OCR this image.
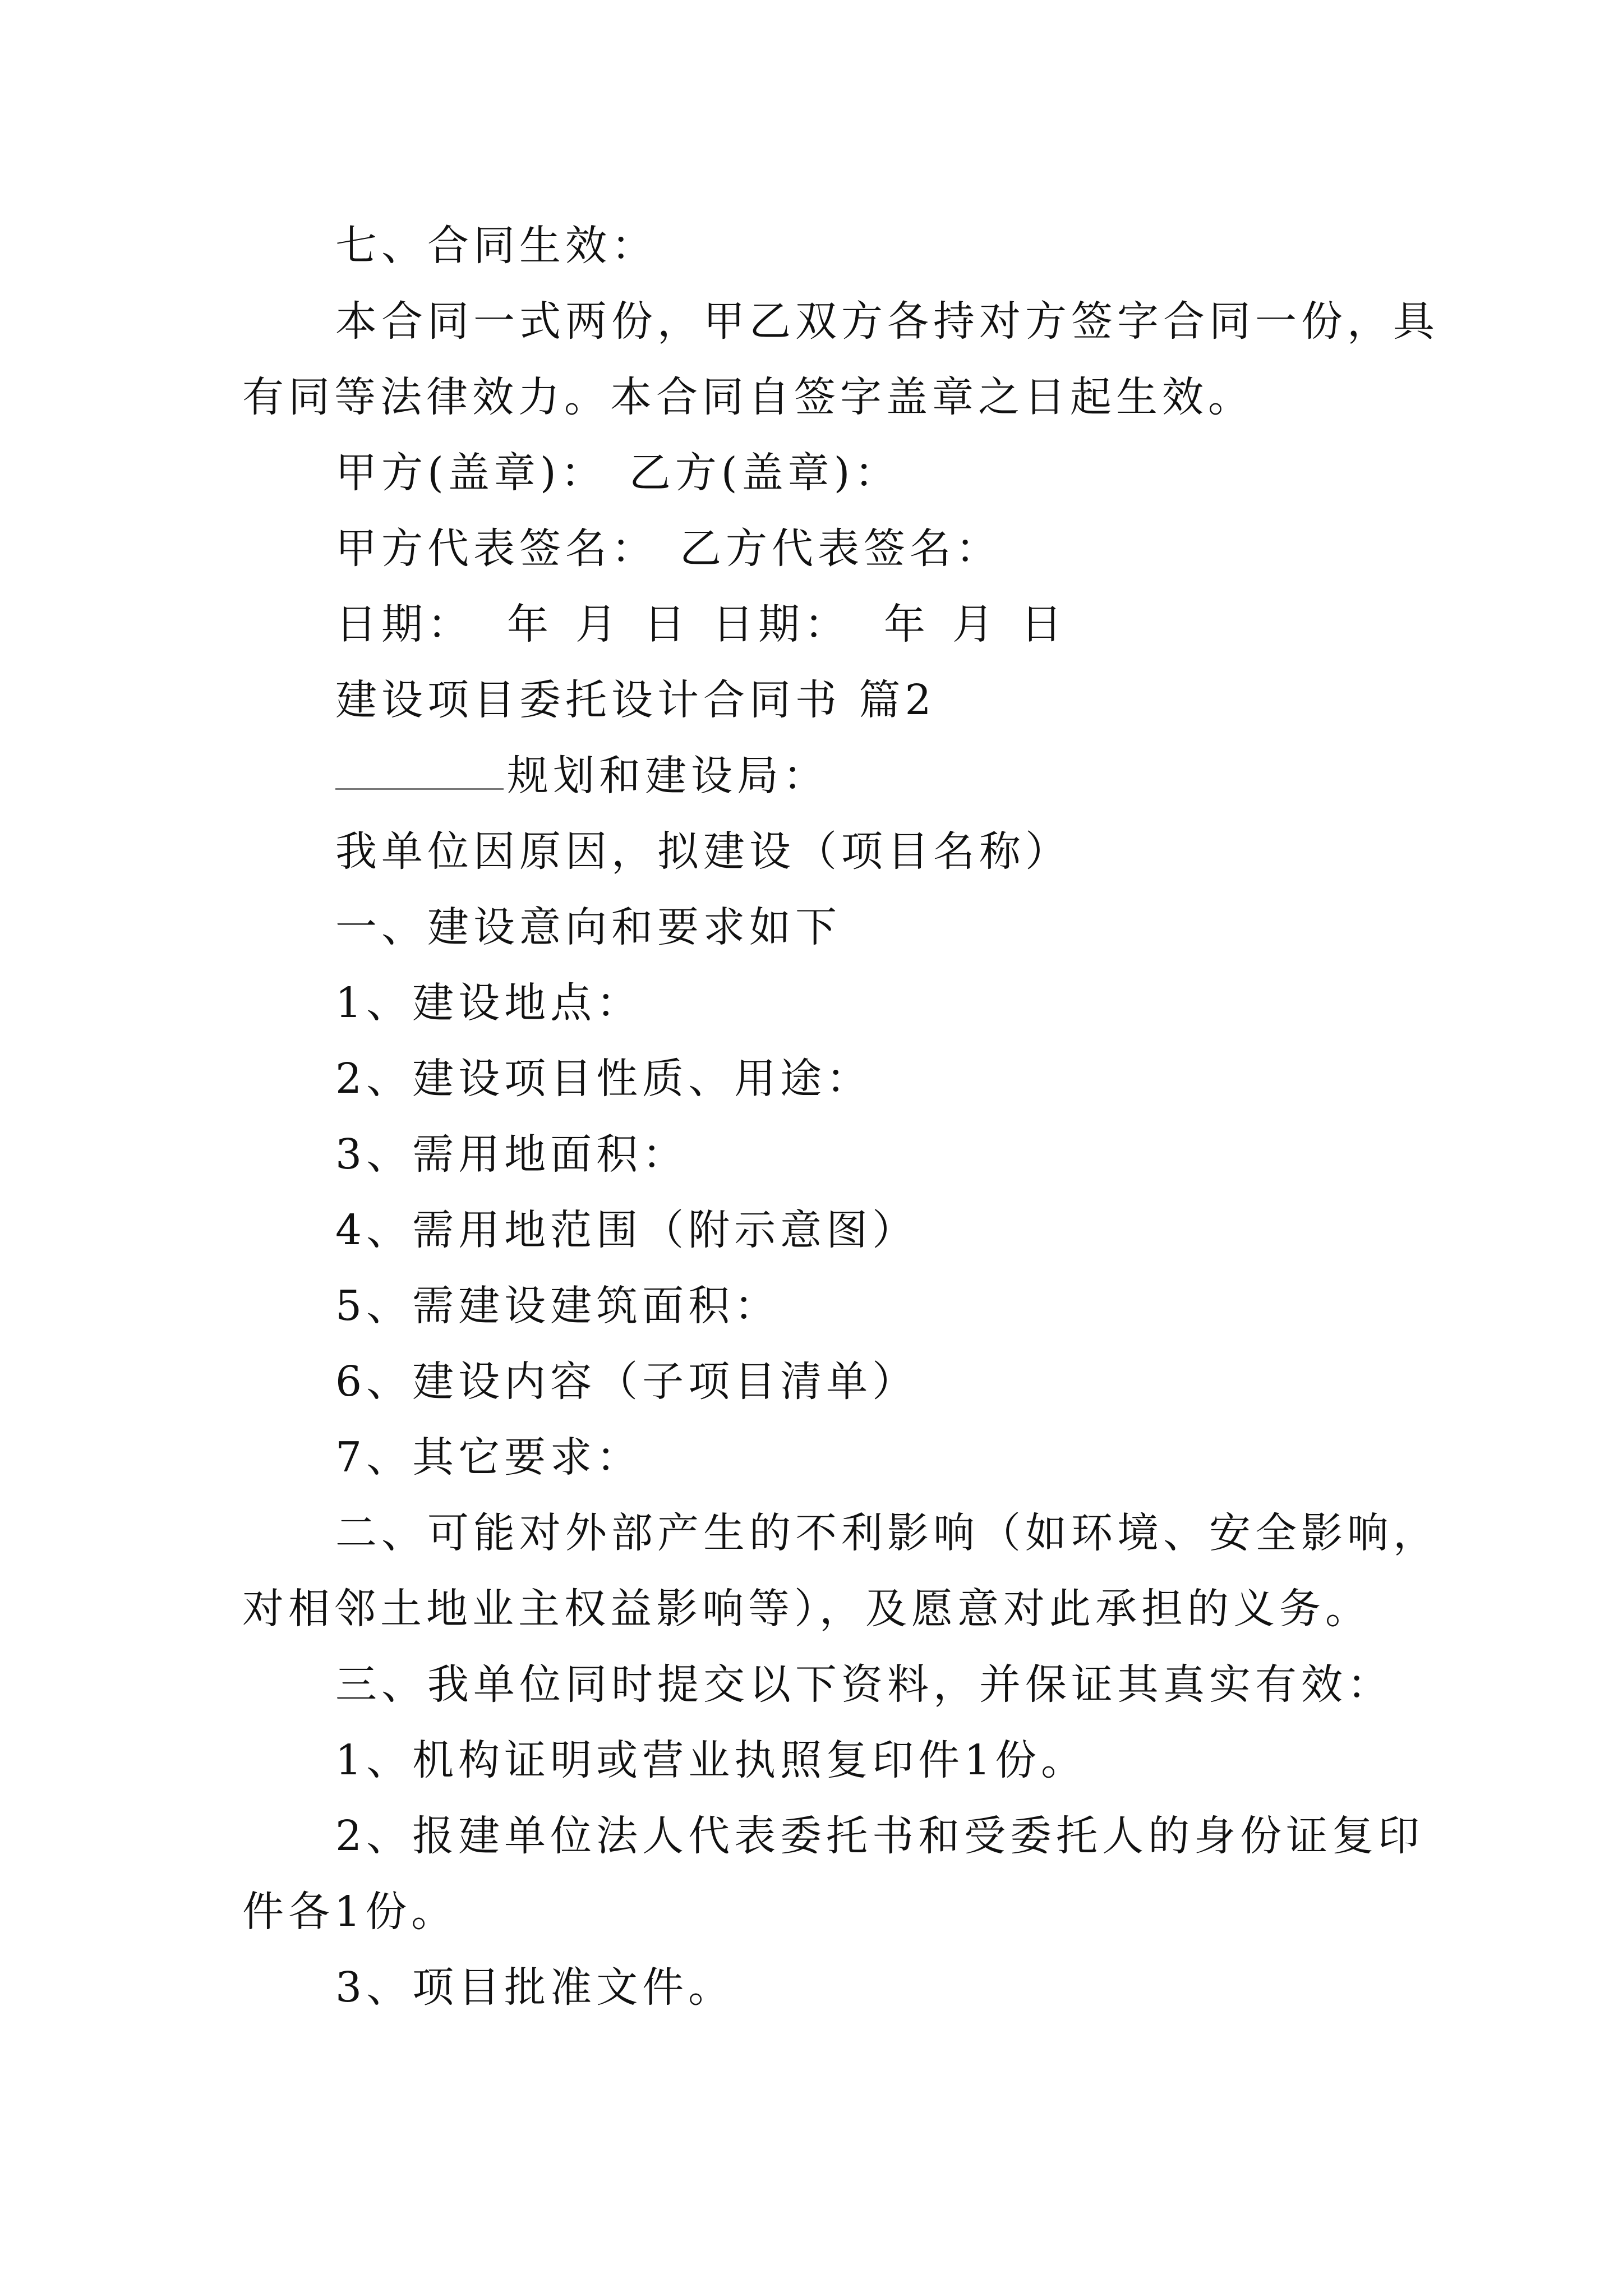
七、合同生效：
本合同一式两份，甲乙双方各持对方签字合同一份，具
有同等法律效力。本合同自签字盖章之日起生效。
甲方(盖章)： 乙方(盖章)：
甲方代表签名： 乙方代表签名：
日期： 年 月 日 日期： 年 月 日
建设项目委托设计合同书 篇2
规划和建设局：
我单位因原因，拟建设（项目名称）
一、建设意向和要求如下
1、建设地点：
2、建设项目性质、用途：
3、需用地面积：
4、需用地范围（附示意图）
5、需建设建筑面积：
6、建设内容（子项目清单）
7、其它要求：
二、可能对外部产生的不利影响（如环境、安全影响，
对相邻土地业主权益影响等），及愿意对此承担的义务。
三、我单位同时提交以下资料，并保证其真实有效：
1、机构证明或营业执照复印件1份。
2、报建单位法人代表委托书和受委托人的身份证复印
件各1份。
3、项目批准文件。
